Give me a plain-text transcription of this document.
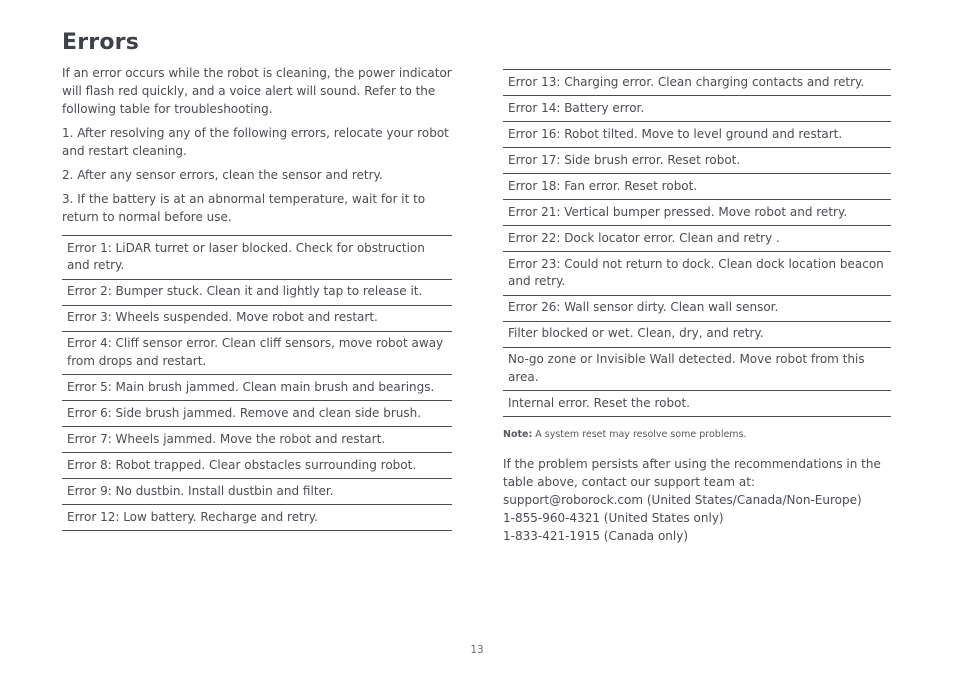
Errors

If an error occurs while the robot is cleaning, the power indicator will flash red quickly, and a voice alert will sound. Refer to the following table for troubleshooting.

1. After resolving any of the following errors, relocate your robot and restart cleaning.

2. After any sensor errors, clean the sensor and retry.

3. If the battery is at an abnormal temperature, wait for it to return to normal before use.

Error 1: LiDAR turret or laser blocked. Check for obstruction and retry.
Error 2: Bumper stuck. Clean it and lightly tap to release it.
Error 3: Wheels suspended. Move robot and restart.
Error 4: Cliff sensor error. Clean cliff sensors, move robot away from drops and restart.
Error 5: Main brush jammed. Clean main brush and bearings.
Error 6: Side brush jammed. Remove and clean side brush.
Error 7: Wheels jammed. Move the robot and restart.
Error 8: Robot trapped. Clear obstacles surrounding robot.
Error 9: No dustbin. Install dustbin and filter.
Error 12: Low battery. Recharge and retry.
Error 13: Charging error. Clean charging contacts and retry.
Error 14: Battery error.
Error 16: Robot tilted. Move to level ground and restart.
Error 17: Side brush error. Reset robot.
Error 18: Fan error. Reset robot.
Error 21: Vertical bumper pressed. Move robot and retry.
Error 22: Dock locator error. Clean and retry .
Error 23: Could not return to dock. Clean dock location beacon and retry.
Error 26: Wall sensor dirty. Clean wall sensor.
Filter blocked or wet. Clean, dry, and retry.
No-go zone or Invisible Wall detected. Move robot from this area.
Internal error. Reset the robot.
Note: A system reset may resolve some problems.
If the problem persists after using the recommendations in the table above, contact our support team at:
support@roborock.com (United States/Canada/Non-Europe)
1-855-960-4321 (United States only)
1-833-421-1915 (Canada only)
13
